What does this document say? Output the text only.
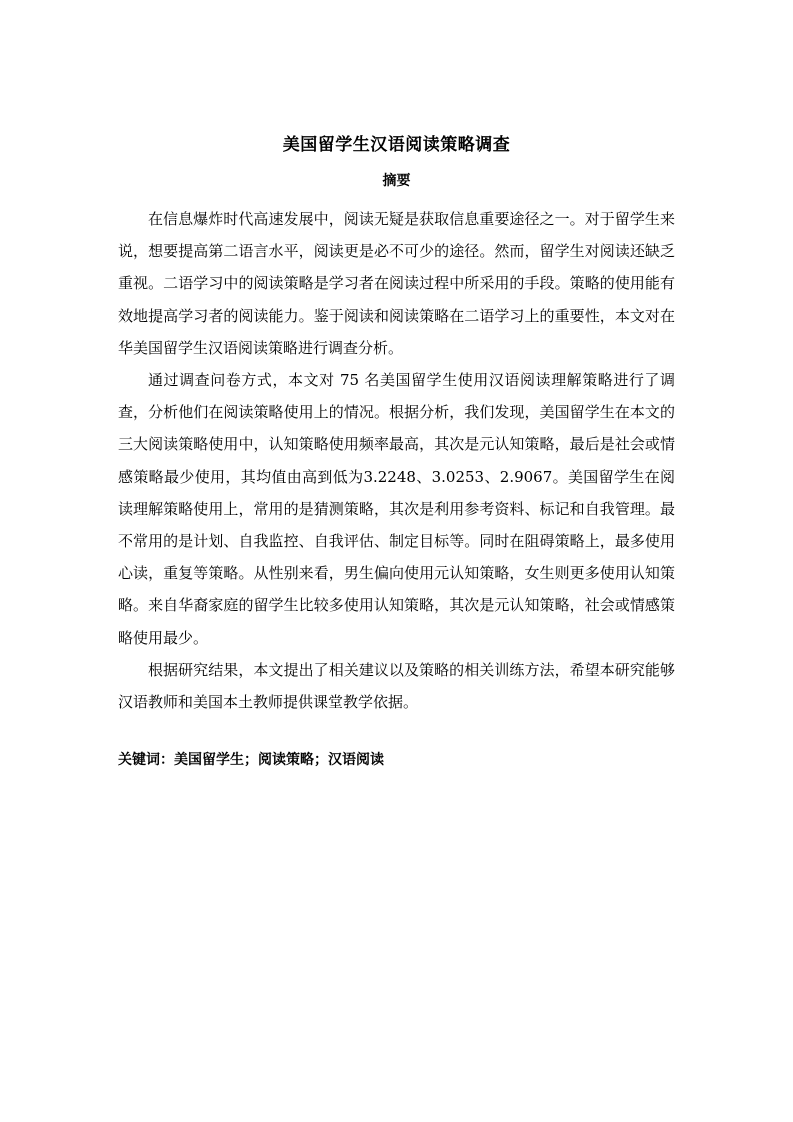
美国留学生汉语阅读策略调查
摘要

在信息爆炸时代高速发展中，阅读无疑是获取信息重要途径之一。对于留学生来说，想要提高第二语言水平，阅读更是必不可少的途径。然而，留学生对阅读还缺乏重视。二语学习中的阅读策略是学习者在阅读过程中所采用的手段。策略的使用能有效地提高学习者的阅读能力。鉴于阅读和阅读策略在二语学习上的重要性，本文对在华美国留学生汉语阅读策略进行调查分析。

通过调查问卷方式，本文对 75 名美国留学生使用汉语阅读理解策略进行了调查，分析他们在阅读策略使用上的情况。根据分析，我们发现，美国留学生在本文的三大阅读策略使用中，认知策略使用频率最高，其次是元认知策略，最后是社会或情感策略最少使用，其均值由高到低为3.2248、3.0253、2.9067。美国留学生在阅读理解策略使用上，常用的是猜测策略，其次是利用参考资料、标记和自我管理。最不常用的是计划、自我监控、自我评估、制定目标等。同时在阻碍策略上，最多使用心读，重复等策略。从性别来看，男生偏向使用元认知策略，女生则更多使用认知策略。来自华裔家庭的留学生比较多使用认知策略，其次是元认知策略，社会或情感策略使用最少。

根据研究结果，本文提出了相关建议以及策略的相关训练方法，希望本研究能够汉语教师和美国本土教师提供课堂教学依据。

关键词：美国留学生；阅读策略；汉语阅读
